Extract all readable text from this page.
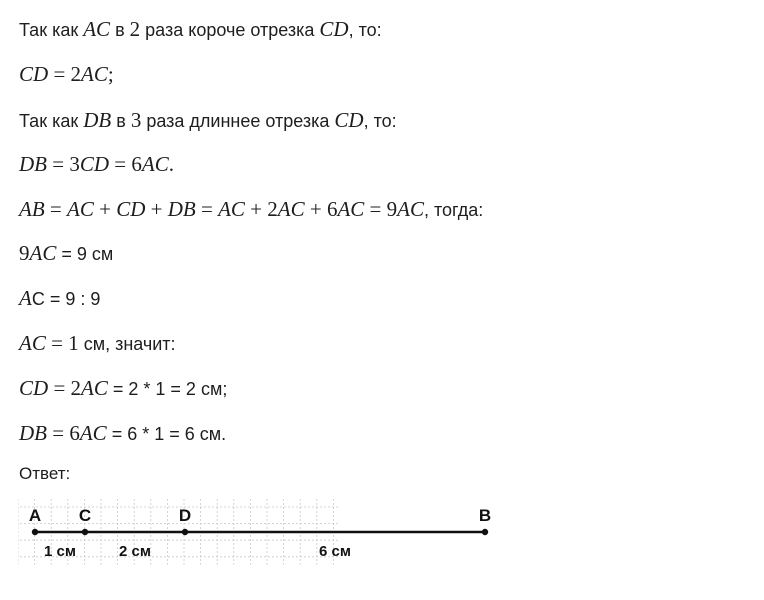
Так как AC в 2 раза короче отрезка CD, то:
CD = 2AC;
Так как DB в 3 раза длиннее отрезка CD, то:
DB = 3CD = 6AC.
AB = AC + CD + DB = AC + 2AC + 6AC = 9AC, тогда:
9AC = 9 см
AC = 9 : 9
AC = 1 см, значит:
CD = 2AC = 2 * 1 = 2 см;
DB = 6AC = 6 * 1 = 6 см.
Ответ:
A C	D	B
1 см	2 см	6 см
